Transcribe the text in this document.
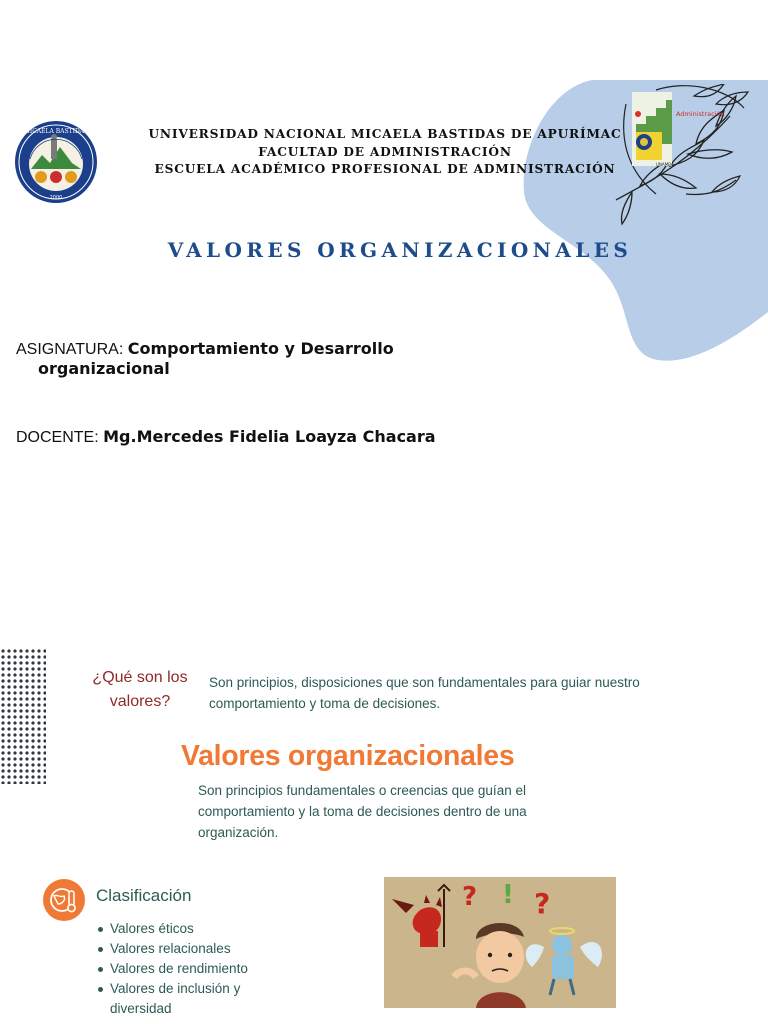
MICAELA BASTIDAS
2000
UNIVERSIDAD NACIONAL MICAELA BASTIDAS DE APURÍMAC
FACULTAD DE ADMINISTRACIÓN
ESCUELA ACADÉMICO PROFESIONAL DE ADMINISTRACIÓN
Administración
UNAMBA
VALORES ORGANIZACIONALES
ASIGNATURA: Comportamiento y Desarrollo
organizacional
DOCENTE: Mg.Mercedes Fidelia Loayza Chacara
¿Qué son los
valores?
Son principios, disposiciones que son fundamentales para guiar nuestro
comportamiento y toma de decisiones.
Valores organizacionales
Son principios fundamentales o creencias que guían el
comportamiento y la toma de decisiones dentro de una
organización.
Clasificación
Valores éticos
Valores relacionales
Valores de rendimiento
Valores de inclusión y diversidad
? ! ?
